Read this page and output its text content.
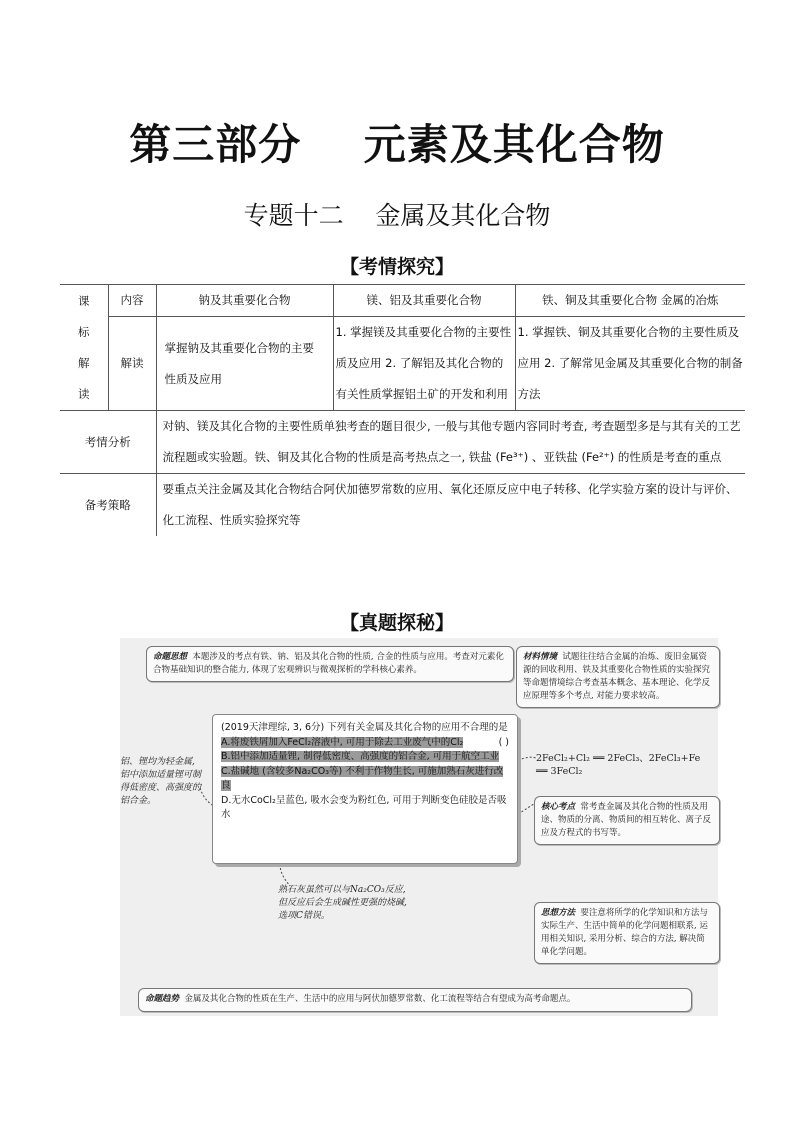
第三部分    元素及其化合物
专题十二    金属及其化合物
【考情探究】
课
标
解
读	内容	钠及其重要化合物	镁、铝及其重要化合物	铁、铜及其重要化合物 金属的冶炼
	解读	掌握钠及其重要化合物的主要性质及应用	1. 掌握镁及其重要化合物的主要性质及应用 2. 了解铝及其化合物的有关性质掌握铝土矿的开发和利用	1. 掌握铁、铜及其重要化合物的主要性质及应用 2. 了解常见金属及其重要化合物的制备方法
考情分析		对钠、镁及其化合物的主要性质单独考查的题目很少, 一般与其他专题内容同时考查, 考查题型多是与其有关的工艺流程题或实验题。铁、铜及其化合物的性质是高考热点之一, 铁盐 (Fe³⁺) 、亚铁盐 (Fe²⁺) 的性质是考查的重点		
备考策略		要重点关注金属及其化合物结合阿伏加德罗常数的应用、氧化还原反应中电子转移、化学实验方案的设计与评价、化工流程、性质实验探究等		
【真题探秘】
命题思想 本题涉及的考点有铁、钠、铝及其化合物的性质, 合金的性质与应用。考查对元素化合物基础知识的整合能力, 体现了宏观辨识与微观探析的学科核心素养。
材料情境 试题往往结合金属的冶炼、废旧金属资源的回收利用、铁及其重要化合物性质的实验探究等命题情境综合考查基本概念、基本理论、化学反应原理等多个考点, 对能力要求较高。
铝、锂均为轻金属, 铝中添加适量锂可制得低密度、高强度的铝合金。
(2019天津理综, 3, 6分) 下列有关金属及其化合物的应用不合理的是
( )
A.将废铁屑加入FeCl₂溶液中, 可用于除去工业废气中的Cl₂
B.铝中添加适量锂, 制得低密度、高强度的铝合金, 可用于航空工业
C.盐碱地 (含较多Na₂CO₃等) 不利于作物生长, 可施加熟石灰进行改良
D.无水CoCl₂呈蓝色, 吸水会变为粉红色, 可用于判断变色硅胶是否吸水
2FeCl₂+Cl₂ ══ 2FeCl₃、2FeCl₃+Fe ══ 3FeCl₂
核心考点 常考查金属及其化合物的性质及用途、物质的分离、物质间的相互转化、离子反应及方程式的书写等。
熟石灰虽然可以与Na₂CO₃反应, 但反应后会生成碱性更强的烧碱, 选项C错误。	思想方法 要注意将所学的化学知识和方法与实际生产、生活中简单的化学问题相联系, 运用相关知识, 采用分析、综合的方法, 解决简单化学问题。
命题趋势 金属及其化合物的性质在生产、生活中的应用与阿伏加德罗常数、化工流程等结合有望成为高考命题点。
